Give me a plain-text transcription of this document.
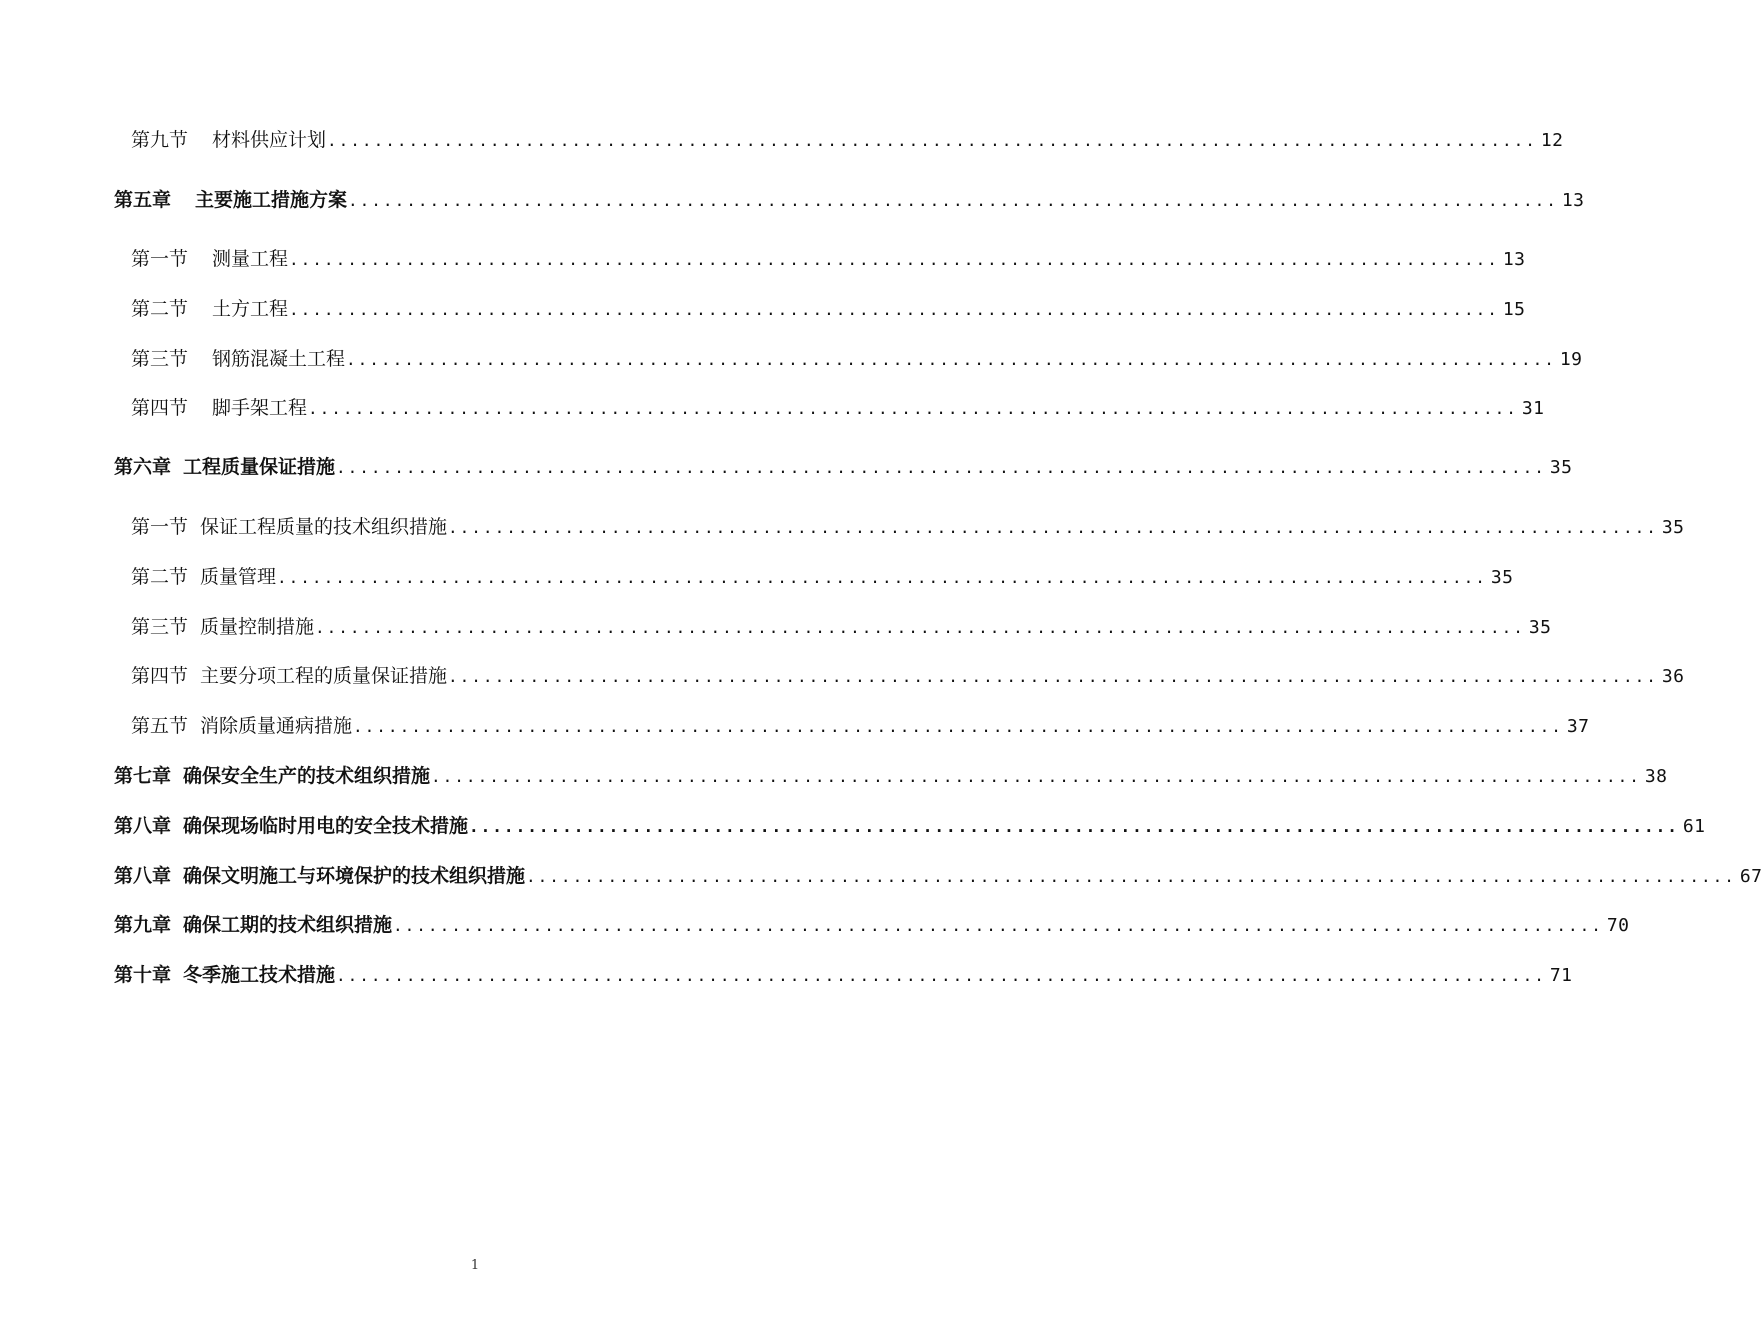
第九节 材料供应计划 ........................................................................................................ 12
第五章 主要施工措施方案 ........................................................................................................ 13
第一节 测量工程 ........................................................................................................ 13
第二节 土方工程 ........................................................................................................ 15
第三节 钢筋混凝土工程 ........................................................................................................ 19
第四节 脚手架工程 ........................................................................................................ 31
第六章 工程质量保证措施 ........................................................................................................ 35
第一节 保证工程质量的技术组织措施 ........................................................................................................ 35
第二节 质量管理 ........................................................................................................ 35
第三节 质量控制措施 ........................................................................................................ 35
第四节 主要分项工程的质量保证措施 ........................................................................................................ 36
第五节 消除质量通病措施 ........................................................................................................ 37
第七章 确保安全生产的技术组织措施 ........................................................................................................ 38
第八章 确保现场临时用电的安全技术措施 ........................................................................................................ 61
第八章 确保文明施工与环境保护的技术组织措施 ........................................................................................................ 67
第九章 确保工期的技术组织措施 ........................................................................................................ 70
第十章 冬季施工技术措施 ........................................................................................................ 71
1
